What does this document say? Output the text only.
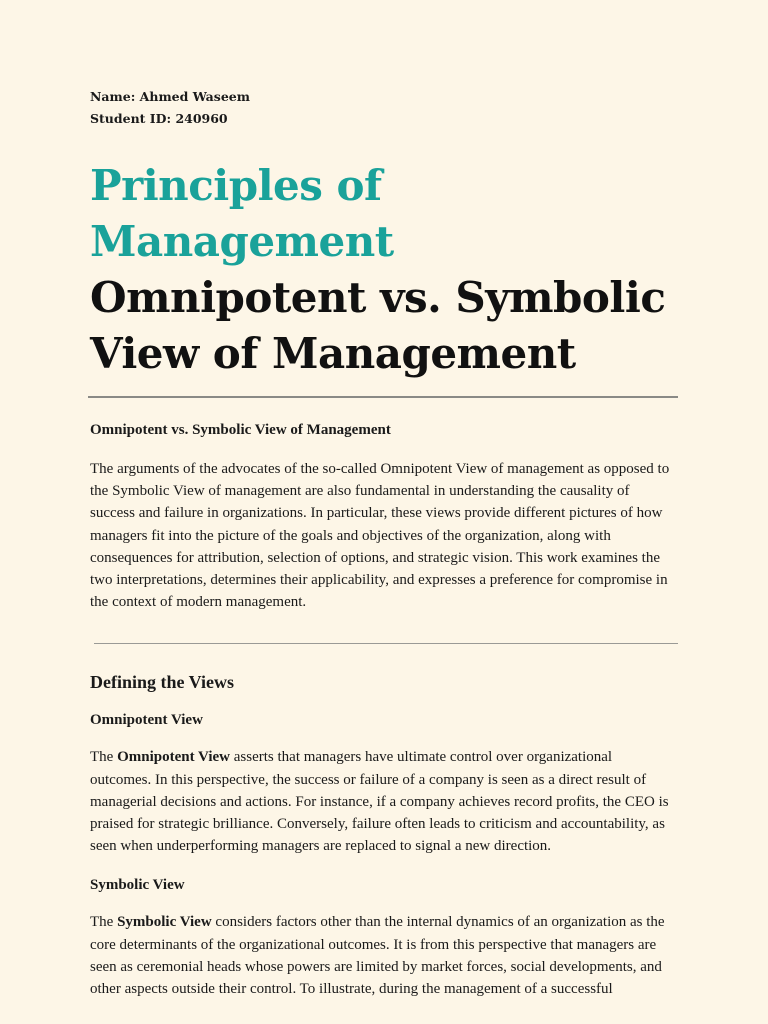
Name: Ahmed Waseem

Student ID: 240960

Principles of Management
Omnipotent vs. Symbolic
View of Management
Omnipotent vs. Symbolic View of Management

The arguments of the advocates of the so-called Omnipotent View of management as opposed to the Symbolic View of management are also fundamental in understanding the causality of success and failure in organizations. In particular, these views provide different pictures of how managers fit into the picture of the goals and objectives of the organization, along with consequences for attribution, selection of options, and strategic vision. This work examines the two interpretations, determines their applicability, and expresses a preference for compromise in the context of modern management.

Defining the Views
Omnipotent View

The Omnipotent View asserts that managers have ultimate control over organizational outcomes. In this perspective, the success or failure of a company is seen as a direct result of managerial decisions and actions. For instance, if a company achieves record profits, the CEO is praised for strategic brilliance. Conversely, failure often leads to criticism and accountability, as seen when underperforming managers are replaced to signal a new direction.

Symbolic View

The Symbolic View considers factors other than the internal dynamics of an organization as the core determinants of the organizational outcomes. It is from this perspective that managers are seen as ceremonial heads whose powers are limited by market forces, social developments, and other aspects outside their control. To illustrate, during the management of a successful
